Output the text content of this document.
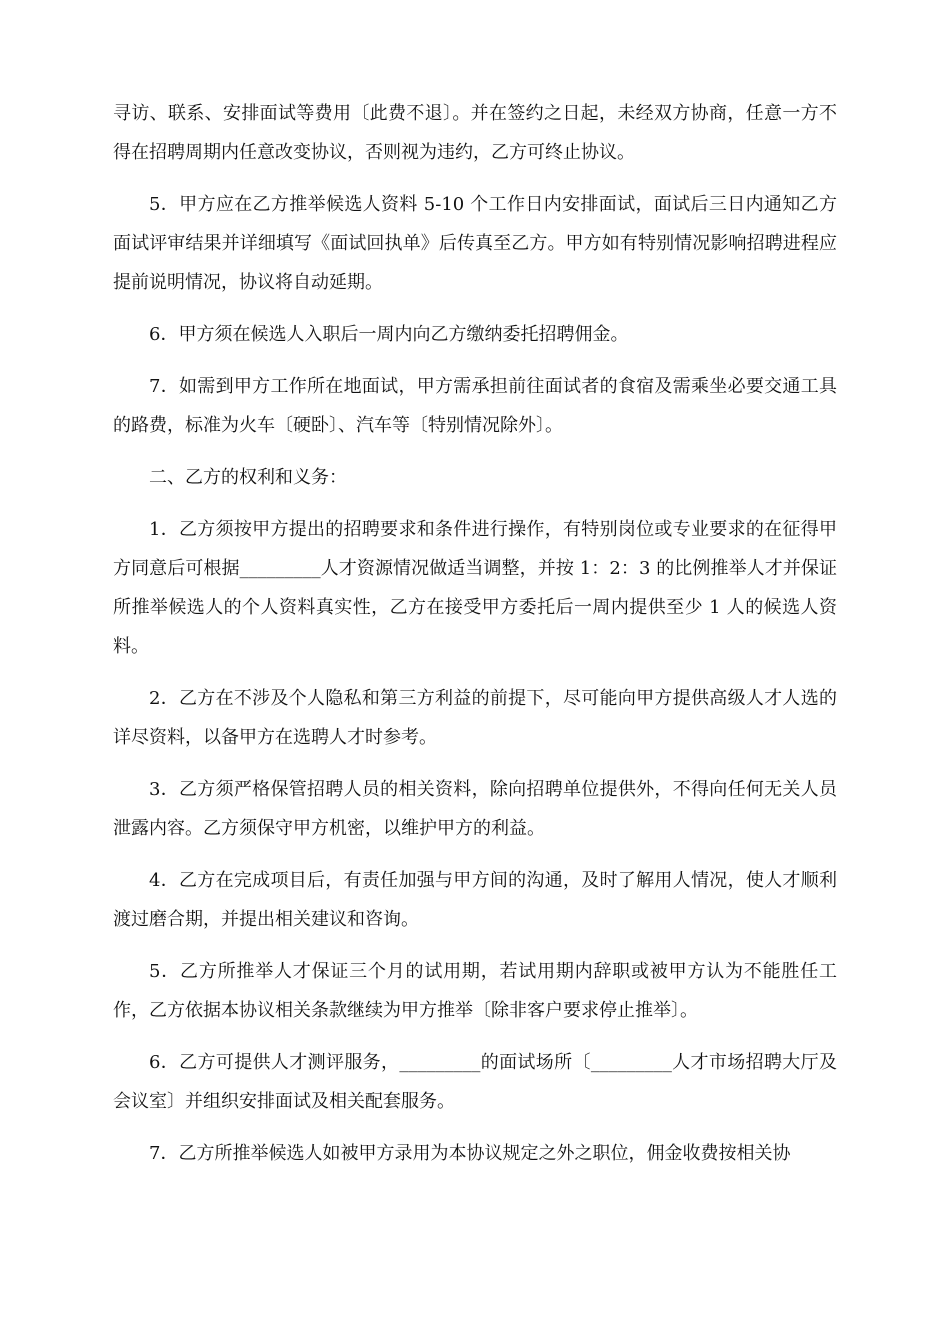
寻访、联系、安排面试等费用〔此费不退〕。并在签约之日起，未经双方协商，任意一方不得在招聘周期内任意改变协议，否则视为违约，乙方可终止协议。

5．甲方应在乙方推举候选人资料 5-10 个工作日内安排面试，面试后三日内通知乙方面试评审结果并详细填写《面试回执单》后传真至乙方。甲方如有特别情况影响招聘进程应提前说明情况，协议将自动延期。

6．甲方须在候选人入职后一周内向乙方缴纳委托招聘佣金。

7．如需到甲方工作所在地面试，甲方需承担前往面试者的食宿及需乘坐必要交通工具的路费，标准为火车〔硬卧〕、汽车等〔特别情况除外〕。

二、乙方的权利和义务：

1．乙方须按甲方提出的招聘要求和条件进行操作，有特别岗位或专业要求的在征得甲方同意后可根据_________人才资源情况做适当调整，并按 1：2：3 的比例推举人才并保证所推举候选人的个人资料真实性，乙方在接受甲方委托后一周内提供至少 1 人的候选人资料。

2．乙方在不涉及个人隐私和第三方利益的前提下，尽可能向甲方提供高级人才人选的详尽资料，以备甲方在选聘人才时参考。

3．乙方须严格保管招聘人员的相关资料，除向招聘单位提供外，不得向任何无关人员泄露内容。乙方须保守甲方机密，以维护甲方的利益。

4．乙方在完成项目后，有责任加强与甲方间的沟通，及时了解用人情况，使人才顺利渡过磨合期，并提出相关建议和咨询。

5．乙方所推举人才保证三个月的试用期，若试用期内辞职或被甲方认为不能胜任工作，乙方依据本协议相关条款继续为甲方推举〔除非客户要求停止推举〕。

6．乙方可提供人才测评服务，_________的面试场所〔_________人才市场招聘大厅及会议室〕并组织安排面试及相关配套服务。

7．乙方所推举候选人如被甲方录用为本协议规定之外之职位，佣金收费按相关协
